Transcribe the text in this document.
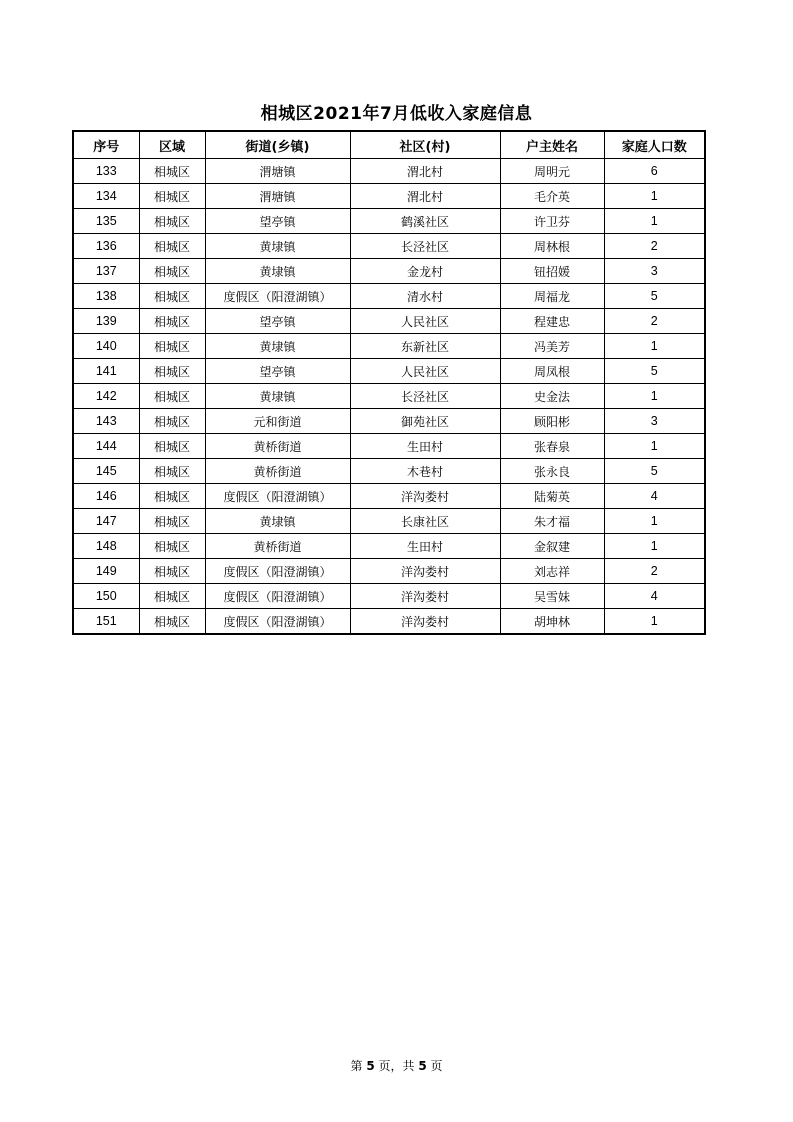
相城区2021年7月低收入家庭信息
序号	区域	街道(乡镇)	社区(村)	户主姓名	家庭人口数
133	相城区	渭塘镇	渭北村	周明元	6
134	相城区	渭塘镇	渭北村	毛介英	1
135	相城区	望亭镇	鹤溪社区	许卫芬	1
136	相城区	黄埭镇	长泾社区	周林根	2
137	相城区	黄埭镇	金龙村	钮招媛	3
138	相城区	度假区（阳澄湖镇）	清水村	周福龙	5
139	相城区	望亭镇	人民社区	程建忠	2
140	相城区	黄埭镇	东新社区	冯美芳	1
141	相城区	望亭镇	人民社区	周凤根	5
142	相城区	黄埭镇	长泾社区	史金法	1
143	相城区	元和街道	御苑社区	顾阳彬	3
144	相城区	黄桥街道	生田村	张春泉	1
145	相城区	黄桥街道	木巷村	张永良	5
146	相城区	度假区（阳澄湖镇）	洋沟娄村	陆菊英	4
147	相城区	黄埭镇	长康社区	朱才福	1
148	相城区	黄桥街道	生田村	金叙建	1
149	相城区	度假区（阳澄湖镇）	洋沟娄村	刘志祥	2
150	相城区	度假区（阳澄湖镇）	洋沟娄村	吴雪妹	4
151	相城区	度假区（阳澄湖镇）	洋沟娄村	胡坤林	1
第 5 页，共 5 页
